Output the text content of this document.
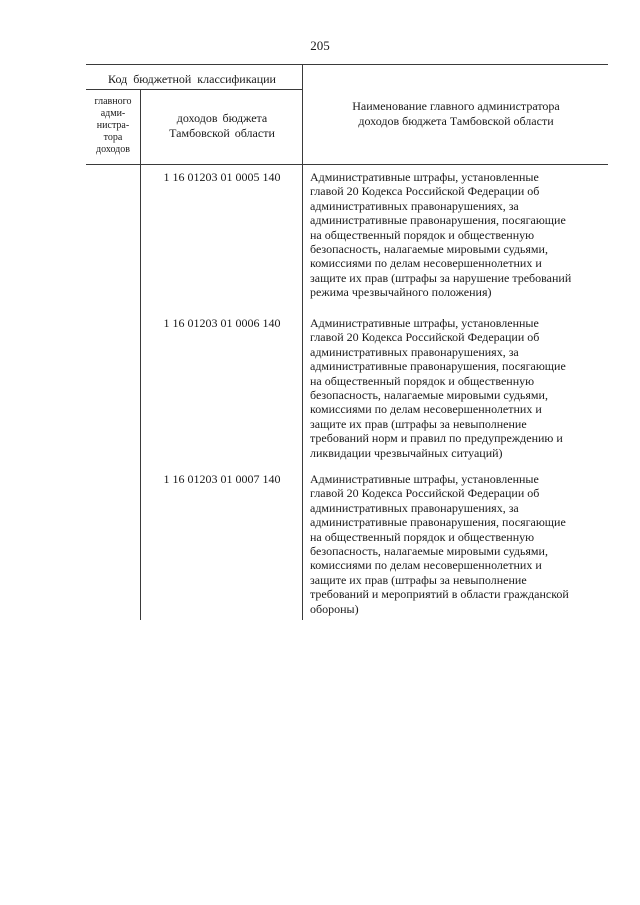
205
Код бюджетной классификации
главного
адми-
нистра-
тора
доходов
доходов бюджета
Тамбовской области
Наименование главного администратора
доходов бюджета Тамбовской области
1 16 01203 01 0005 140	Административные штрафы, установленные
главой 20 Кодекса Российской Федерации об
административных правонарушениях, за
административные правонарушения, посягающие
на общественный порядок и общественную
безопасность, налагаемые мировыми судьями,
комиссиями по делам несовершеннолетних и
защите их прав (штрафы за нарушение требований
режима чрезвычайного положения)
1 16 01203 01 0006 140	Административные штрафы, установленные
главой 20 Кодекса Российской Федерации об
административных правонарушениях, за
административные правонарушения, посягающие
на общественный порядок и общественную
безопасность, налагаемые мировыми судьями,
комиссиями по делам несовершеннолетних и
защите их прав (штрафы за невыполнение
требований норм и правил по предупреждению и
ликвидации чрезвычайных ситуаций)
1 16 01203 01 0007 140	Административные штрафы, установленные
главой 20 Кодекса Российской Федерации об
административных правонарушениях, за
административные правонарушения, посягающие
на общественный порядок и общественную
безопасность, налагаемые мировыми судьями,
комиссиями по делам несовершеннолетних и
защите их прав (штрафы за невыполнение
требований и мероприятий в области гражданской
обороны)
